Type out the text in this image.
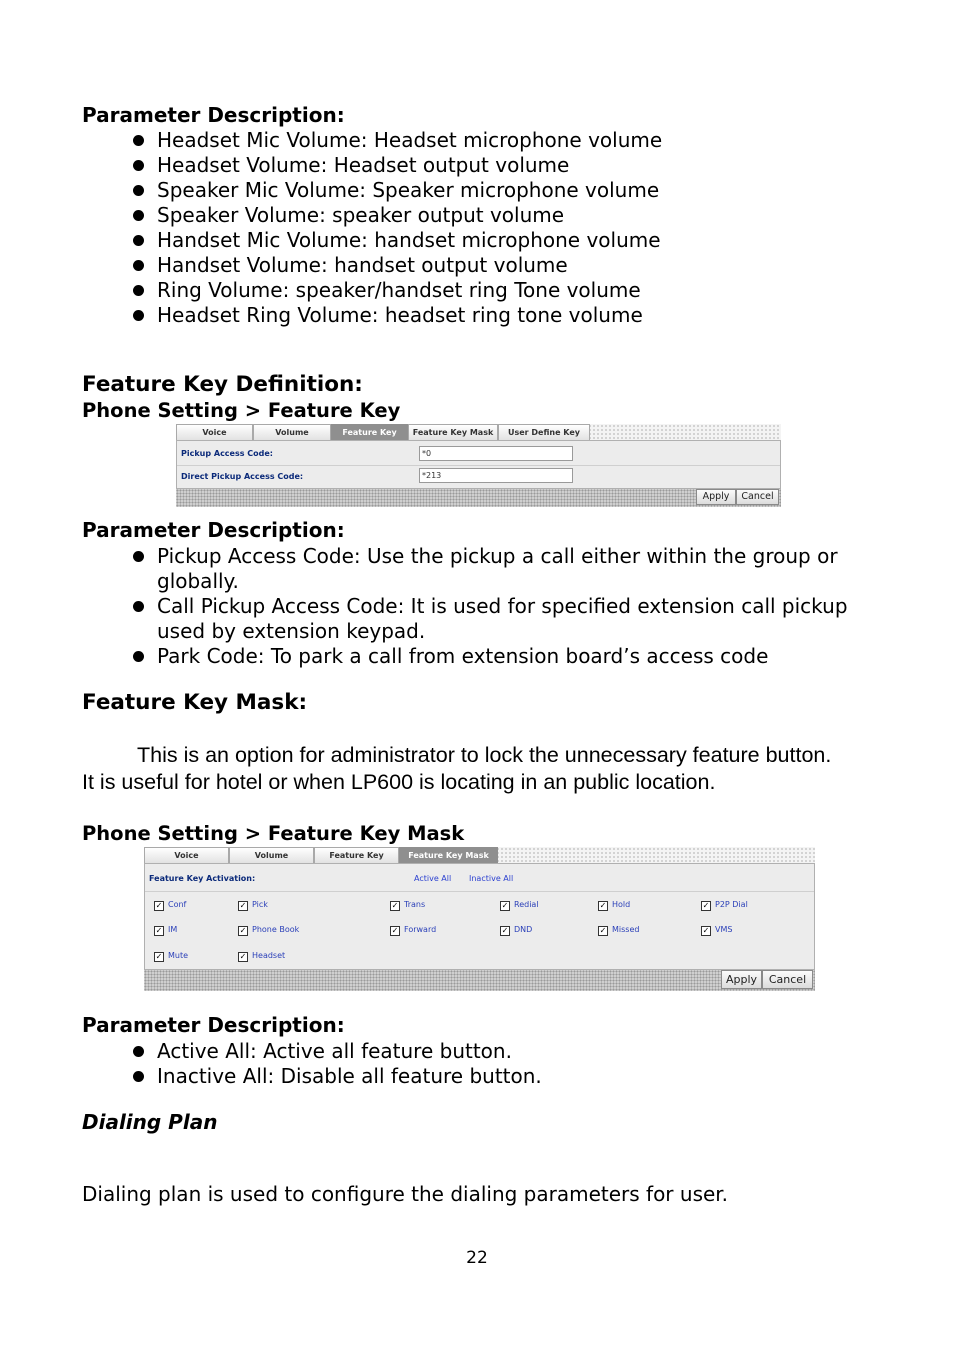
Parameter Description:
Headset Mic Volume: Headset microphone volume
Headset Volume: Headset output volume
Speaker Mic Volume: Speaker microphone volume
Speaker Volume: speaker output volume
Handset Mic Volume: handset microphone volume
Handset Volume: handset output volume
Ring Volume: speaker/handset ring Tone volume
Headset Ring Volume: headset ring tone volume
Feature Key Definition:
Phone Setting > Feature Key
Voice	Volume	Feature Key	Feature Key Mask	User Define Key
Pickup Access Code:	*0
Direct Pickup Access Code:	*213
Apply	Cancel
Parameter Description:
Pickup Access Code: Use the pickup a call either within the group or
globally.
Call Pickup Access Code: It is used for specified extension call pickup
used by extension keypad.
Park Code: To park a call from extension board’s access code
Feature Key Mask:
This is an option for administrator to lock the unnecessary feature button.
It is useful for hotel or when LP600 is locating in an public location.
Phone Setting > Feature Key Mask
Voice	Volume	Feature Key	Feature Key Mask
Feature Key Activation:	Active All Inactive All
✓ Conf	✓ Pick	✓ Trans	✓ Redial	✓ Hold	✓ P2P Dial
✓ IM	✓ Phone Book	✓ Forward	✓ DND	✓ Missed	✓ VMS
✓ Mute	✓ Headset
Apply	Cancel
Parameter Description:
Active All: Active all feature button.
Inactive All: Disable all feature button.
Dialing Plan
Dialing plan is used to configure the dialing parameters for user.
22
